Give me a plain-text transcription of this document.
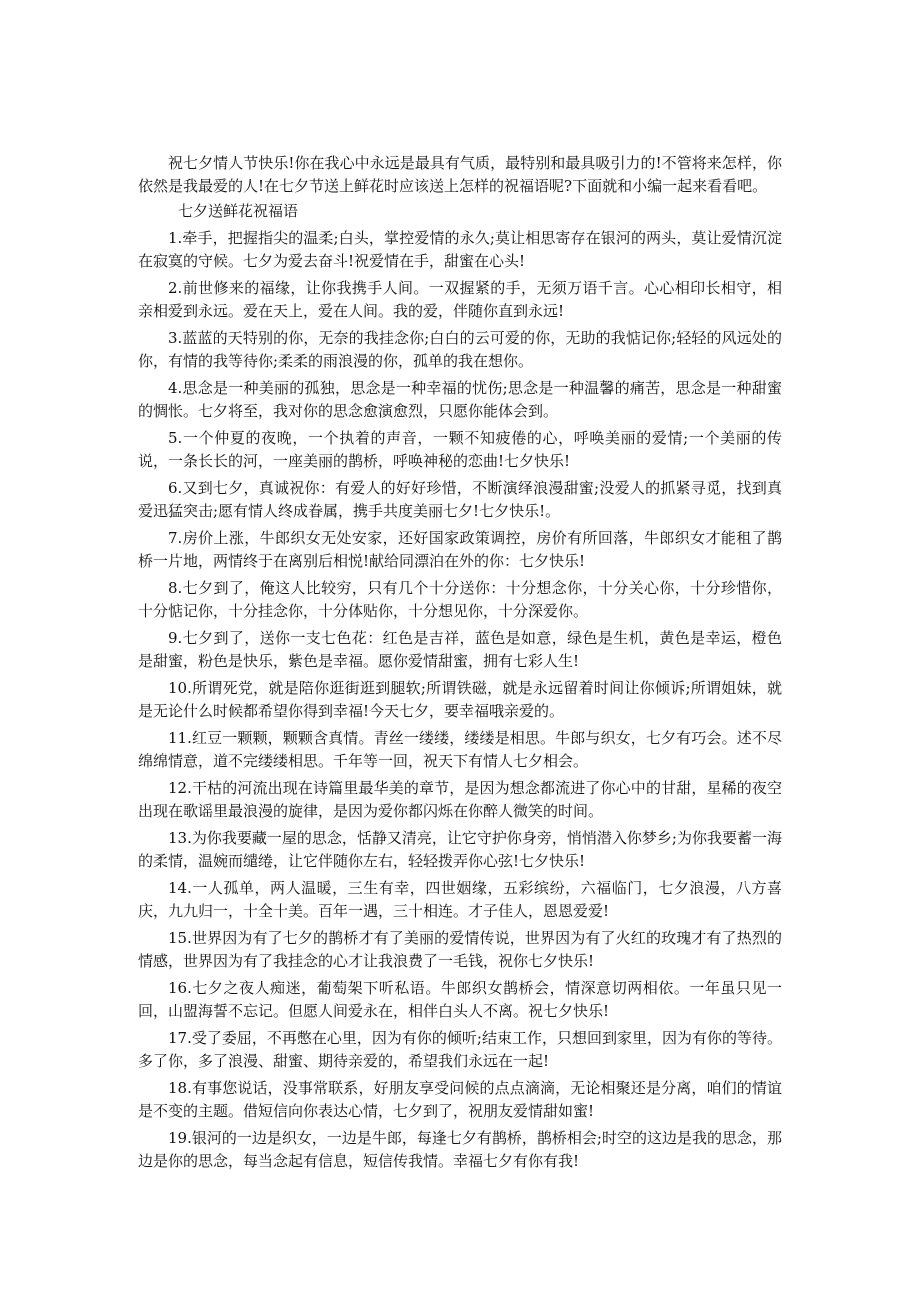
祝七夕情人节快乐!你在我心中永远是最具有气质，最特别和最具吸引力的!不管将来怎样，你依然是我最爱的人!在七夕节送上鲜花时应该送上怎样的祝福语呢?下面就和小编一起来看看吧。

七夕送鲜花祝福语

1.牵手，把握指尖的温柔;白头，掌控爱情的永久;莫让相思寄存在银河的两头，莫让爱情沉淀在寂寞的守候。七夕为爱去奋斗!祝爱情在手，甜蜜在心头!

2.前世修来的福缘，让你我携手人间。一双握紧的手，无须万语千言。心心相印长相守，相亲相爱到永远。爱在天上，爱在人间。我的爱，伴随你直到永远!

3.蓝蓝的天特别的你，无奈的我挂念你;白白的云可爱的你，无助的我惦记你;轻轻的风远处的你，有情的我等待你;柔柔的雨浪漫的你，孤单的我在想你。

4.思念是一种美丽的孤独，思念是一种幸福的忧伤;思念是一种温馨的痛苦，思念是一种甜蜜的惆怅。七夕将至，我对你的思念愈演愈烈，只愿你能体会到。

5.一个仲夏的夜晚，一个执着的声音，一颗不知疲倦的心，呼唤美丽的爱情;一个美丽的传说，一条长长的河，一座美丽的鹊桥，呼唤神秘的恋曲!七夕快乐!

6.又到七夕，真诚祝你：有爱人的好好珍惜，不断演绎浪漫甜蜜;没爱人的抓紧寻觅，找到真爱迅猛突击;愿有情人终成眷属，携手共度美丽七夕!七夕快乐!。

7.房价上涨，牛郎织女无处安家，还好国家政策调控，房价有所回落，牛郎织女才能租了鹊桥一片地，两情终于在离别后相悦!献给同漂泊在外的你：七夕快乐!

8.七夕到了，俺这人比较穷，只有几个十分送你：十分想念你，十分关心你，十分珍惜你，十分惦记你，十分挂念你，十分体贴你，十分想见你，十分深爱你。

9.七夕到了，送你一支七色花：红色是吉祥，蓝色是如意，绿色是生机，黄色是幸运，橙色是甜蜜，粉色是快乐，紫色是幸福。愿你爱情甜蜜，拥有七彩人生!

10.所谓死党，就是陪你逛街逛到腿软;所谓铁磁，就是永远留着时间让你倾诉;所谓姐妹，就是无论什么时候都希望你得到幸福!今天七夕，要幸福哦亲爱的。

11.红豆一颗颗，颗颗含真情。青丝一缕缕，缕缕是相思。牛郎与织女，七夕有巧会。述不尽绵绵情意，道不完缕缕相思。千年等一回，祝天下有情人七夕相会。

12.干枯的河流出现在诗篇里最华美的章节，是因为想念都流进了你心中的甘甜，星稀的夜空出现在歌谣里最浪漫的旋律，是因为爱你都闪烁在你醉人微笑的时间。

13.为你我要藏一屋的思念，恬静又清亮，让它守护你身旁，悄悄潜入你梦乡;为你我要蓄一海的柔情，温婉而缱绻，让它伴随你左右，轻轻拨弄你心弦!七夕快乐!

14.一人孤单，两人温暖，三生有幸，四世姻缘，五彩缤纷，六福临门，七夕浪漫，八方喜庆，九九归一，十全十美。百年一遇，三十相连。才子佳人，恩恩爱爱!

15.世界因为有了七夕的鹊桥才有了美丽的爱情传说，世界因为有了火红的玫瑰才有了热烈的情感，世界因为有了我挂念的心才让我浪费了一毛钱，祝你七夕快乐!

16.七夕之夜人痴迷，葡萄架下听私语。牛郎织女鹊桥会，情深意切两相依。一年虽只见一回，山盟海誓不忘记。但愿人间爱永在，相伴白头人不离。祝七夕快乐!

17.受了委屈，不再憋在心里，因为有你的倾听;结束工作，只想回到家里，因为有你的等待。多了你，多了浪漫、甜蜜、期待亲爱的，希望我们永远在一起!

18.有事您说话，没事常联系，好朋友享受问候的点点滴滴，无论相聚还是分离，咱们的情谊是不变的主题。借短信向你表达心情，七夕到了，祝朋友爱情甜如蜜!

19.银河的一边是织女，一边是牛郎，每逢七夕有鹊桥，鹊桥相会;时空的这边是我的思念，那边是你的思念，每当念起有信息，短信传我情。幸福七夕有你有我!
